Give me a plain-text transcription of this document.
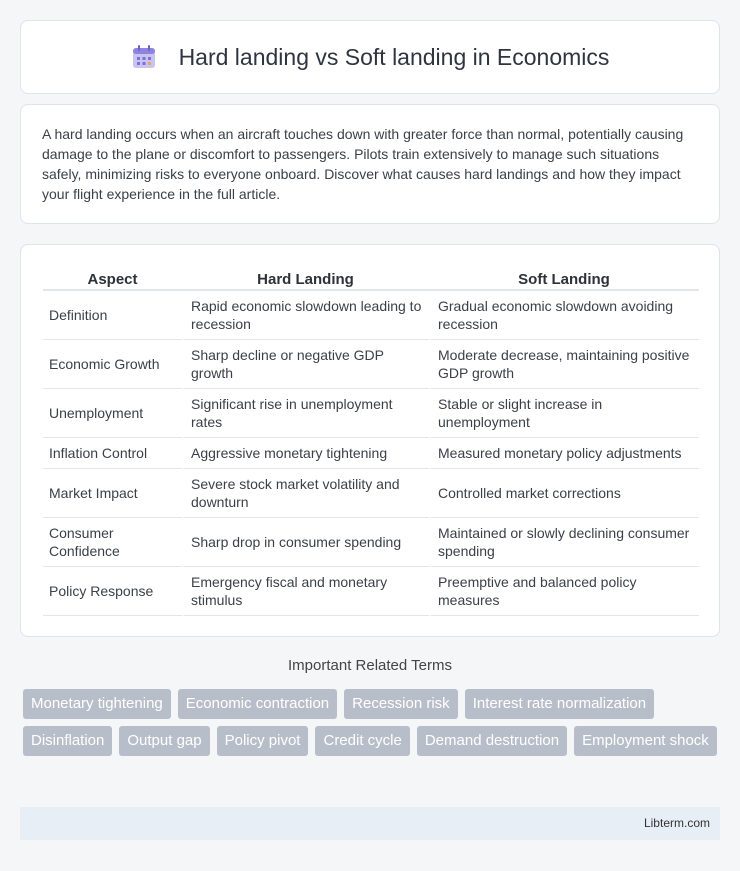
Hard landing vs Soft landing in Economics

A hard landing occurs when an aircraft touches down with greater force than normal, potentially causing damage to the plane or discomfort to passengers. Pilots train extensively to manage such situations safely, minimizing risks to everyone onboard. Discover what causes hard landings and how they impact your flight experience in the full article.

Aspect	Hard Landing	Soft Landing
Definition	Rapid economic slowdown leading to recession	Gradual economic slowdown avoiding recession
Economic Growth	Sharp decline or negative GDP growth	Moderate decrease, maintaining positive GDP growth
Unemployment	Significant rise in unemployment rates	Stable or slight increase in unemployment
Inflation Control	Aggressive monetary tightening	Measured monetary policy adjustments
Market Impact	Severe stock market volatility and downturn	Controlled market corrections
Consumer Confidence	Sharp drop in consumer spending	Maintained or slowly declining consumer spending
Policy Response	Emergency fiscal and monetary stimulus	Preemptive and balanced policy measures
Important Related Terms
Monetary tightening	Economic contraction	Recession risk	Interest rate normalization
Disinflation	Output gap	Policy pivot	Credit cycle	Demand destruction	Employment shock
Libterm.com
